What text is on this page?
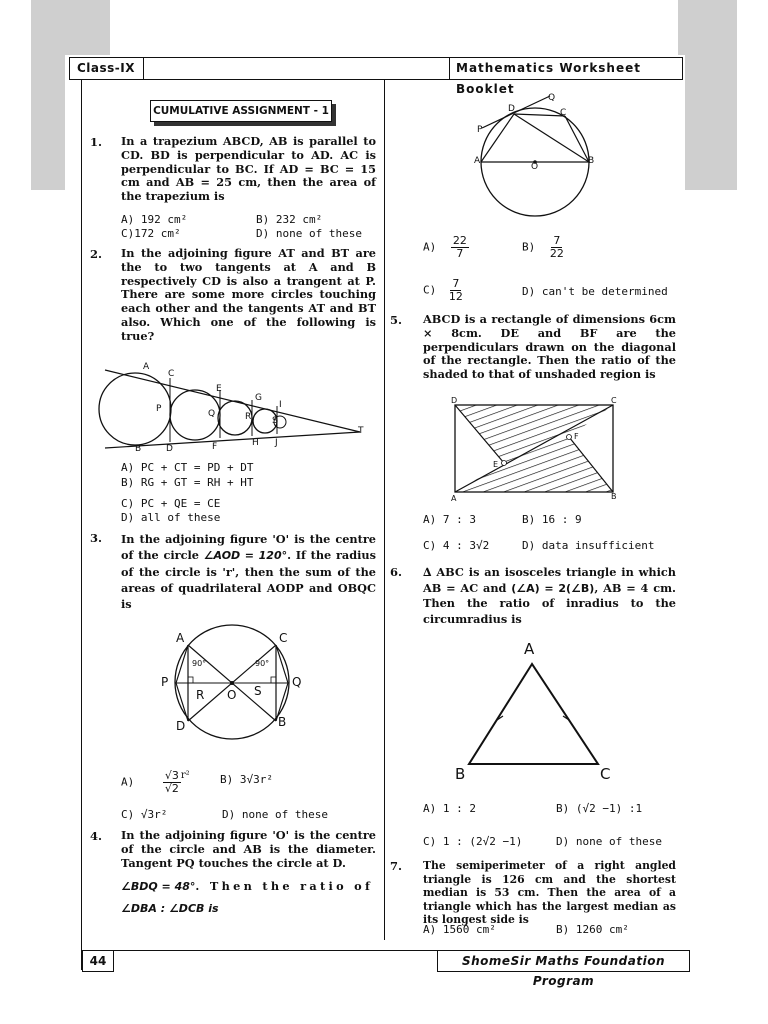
Class-IX	Mathematics Worksheet Booklet
44	ShomeSir Maths Foundation Program
CUMULATIVE ASSIGNMENT - 1
1. In a trapezium ABCD, AB is parallel to CD. BD is perpendicular to AD. AC is perpendicular to BC. If AD = BC = 15 cm and AB = 25 cm, then the area of the trapezium is
A) 192 cm²	B) 232 cm²
C)172 cm²	D) none of these
2. In the adjoining figure AT and BT are the to two tangents at A and B respectively CD is also a trangent at P. There are some more circles touching each other and the tangents AT and BT also. Which one of the following is true?
A
C
E
G
I
P	Q	R S
T
B	D	F	H J
A) PC + CT = PD + DT
B) RG + GT = RH + HT
C) PC + QE = CE
D) all of these
3. In the adjoining figure 'O' is the centre of the circle ∠AOD = 120°. If the radius of the circle is 'r', then the sum of the areas of quadrilateral AODP and OBQC is
A	C
P	Q
R	S
O
D	B
90°	90°
A)	$\frac{√3}{√2} r^2$	B) 3√3r²
C) √3r²	D) none of these
4. In the adjoining figure 'O' is the centre of the circle and AB is the diameter. Tangent PQ touches the circle at D.
∠BDQ = 48°. Then the ratio of
∠DBA : ∠DCB is
D
Q
C
P
A
O
B
$A) \frac{22}{7}$	$B) \frac{7}{22}$
$C) \frac{7}{12}$	D) can't be determined
5. ABCD is a rectangle of dimensions 6cm × 8cm. DE and BF are the perpendiculars drawn on the diagonal of the rectangle. Then the ratio of the shaded to that of unshaded region is
D	C
F
E
A	B
A) 7 : 3	B) 16 : 9
C) 4 : 3√2	D) data insufficient
6. ∆ ABC is an isosceles triangle in which AB = AC and (∠A) = 2(∠B), AB = 4 cm. Then the ratio of inradius to the circumradius is
A
B	C
A) 1 : 2	B) (√2 −1) :1
C) 1 : (2√2 −1)	D) none of these
7. The semiperimeter of a right angled triangle is 126 cm and the shortest median is 53 cm. Then the area of a triangle which has the largest median as its longest side is
A) 1560 cm²	B) 1260 cm²
